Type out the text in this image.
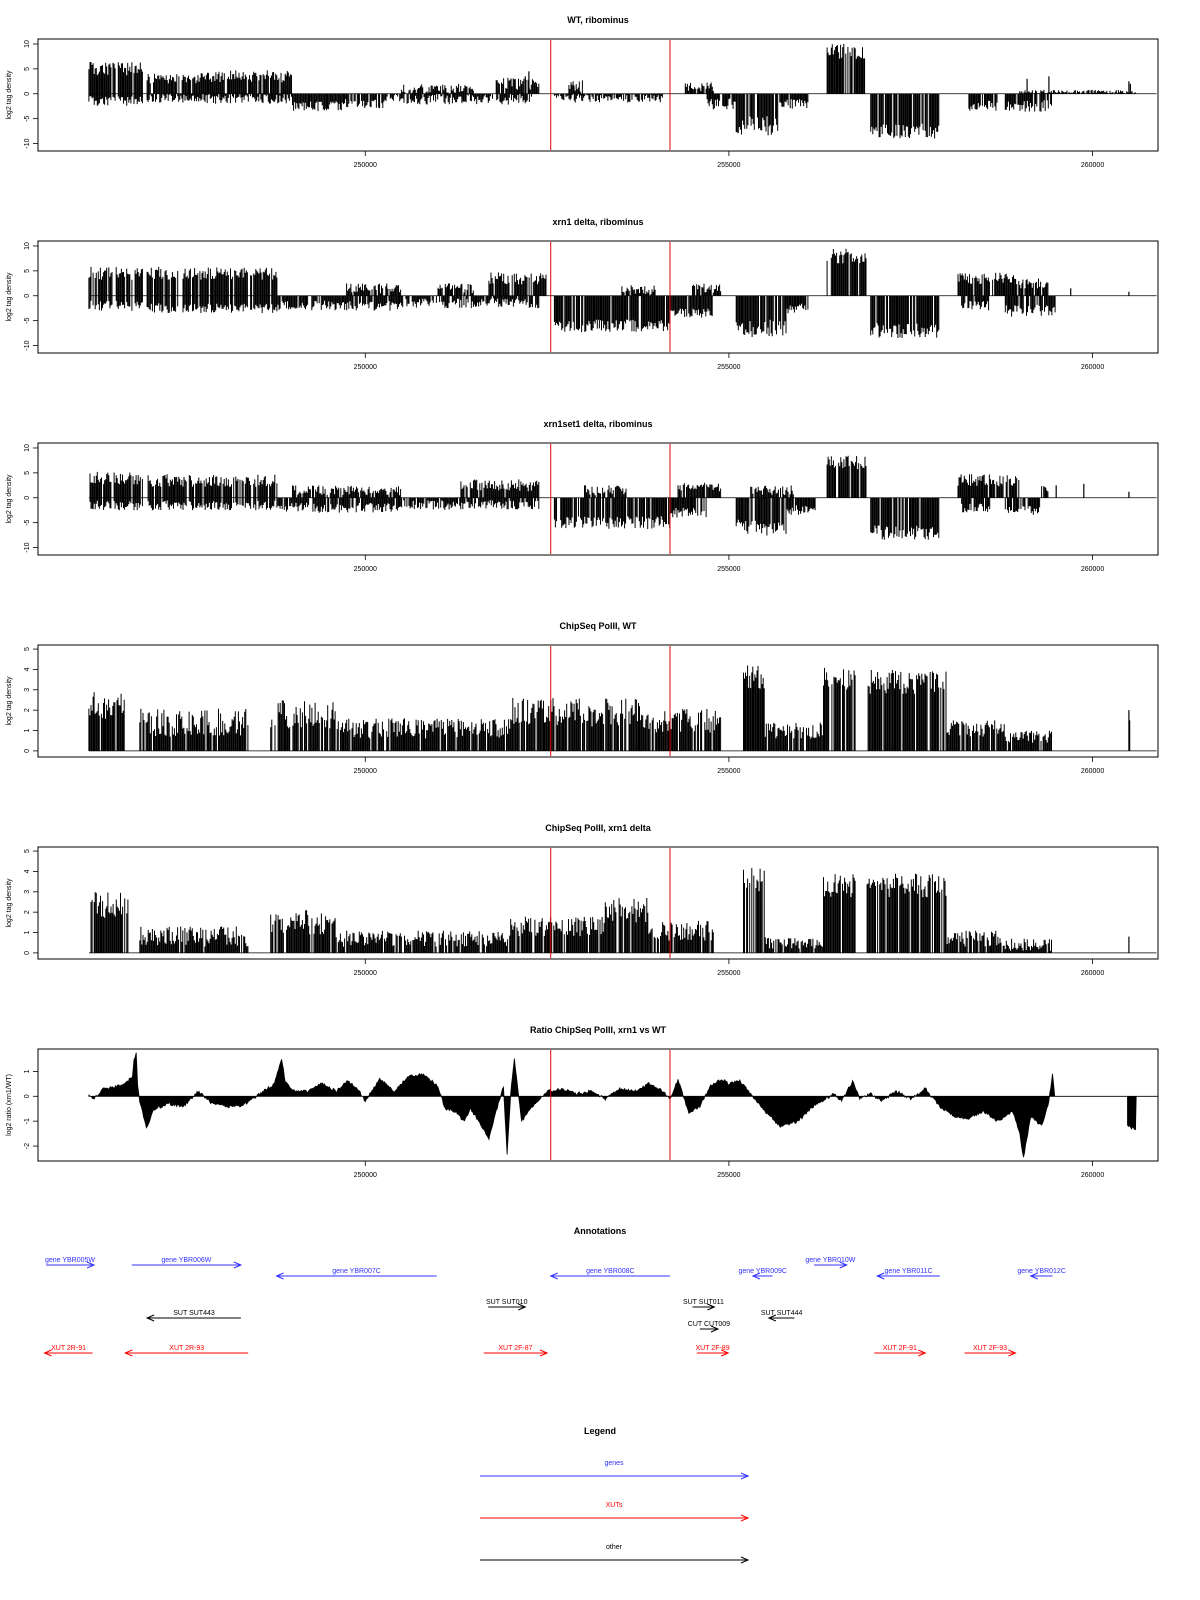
WT, ribominus
250000	255000	260000
-10
-5
0
5
10
log2 tag density
xrn1 delta, ribominus
250000	255000	260000
-10
-5
0
5
10
log2 tag density
xrn1set1 delta, ribominus
250000	255000	260000
-10
-5
0
5
10
log2 tag density
ChipSeq PolII, WT
250000	255000	260000
0
1
2
3
4
5
log2 tag density
ChipSeq PolII, xrn1 delta
250000	255000	260000
0
1
2
3
4
5
log2 tag density
Ratio ChipSeq PolII, xrn1 vs WT
250000	255000	260000
-2
-1
0
1
log2 ratio (xrn1/WT)
Annotations
gene YBR005W	gene YBR006W
gene YBR007C	gene YBR008C	gene YBR009C
gene YBR010W
gene YBR011C	gene YBR012C
SUT SUT443
SUT SUT010	SUT SUT011
CUT CUT009
SUT SUT444
XUT 2R-91	XUT 2R-93	XUT 2F-87	XUT 2F-89	XUT 2F-91	XUT 2F-93
Legend
genes
XUTs
other
